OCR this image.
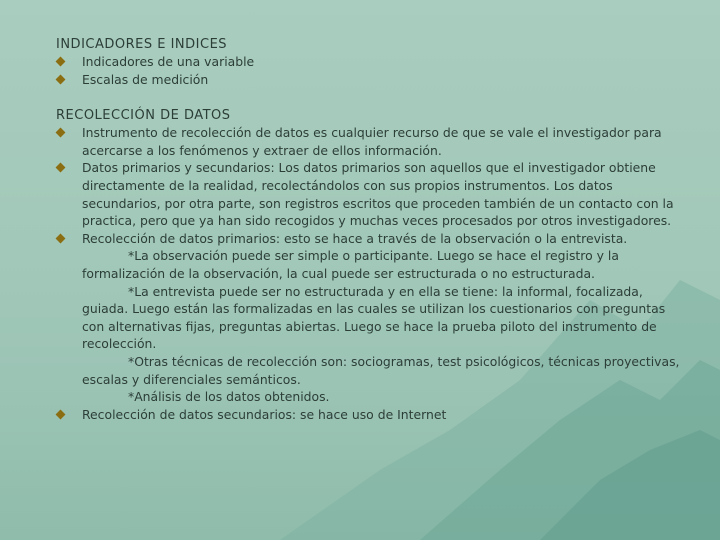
INDICADORES E INDICES

Indicadores de una variable
Escalas de medición

RECOLECCIÓN DE DATOS

Instrumento de recolección de datos es cualquier recurso de que se vale el investigador para acercarse a los fenómenos y extraer de ellos información.
Datos primarios y secundarios: Los datos primarios son aquellos que el investigador obtiene directamente de la realidad, recolectándolos con sus propios instrumentos. Los datos secundarios, por otra parte, son registros escritos que proceden también de un contacto con la practica, pero que ya han sido recogidos y muchas veces procesados por otros investigadores.
Recolección de datos primarios: esto se hace a través de la observación o la entrevista.
*La observación puede ser simple o participante. Luego se hace el registro y la formalización de la observación, la cual puede ser estructurada o no estructurada.
*La entrevista puede ser no estructurada y en ella se tiene: la informal, focalizada, guiada. Luego están las formalizadas en las cuales se utilizan los cuestionarios con preguntas con alternativas fijas, preguntas abiertas. Luego se hace la prueba piloto del instrumento de recolección.
*Otras técnicas de recolección son: sociogramas, test psicológicos, técnicas proyectivas, escalas y diferenciales semánticos.
*Análisis de los datos obtenidos.
Recolección de datos secundarios: se hace uso de Internet
